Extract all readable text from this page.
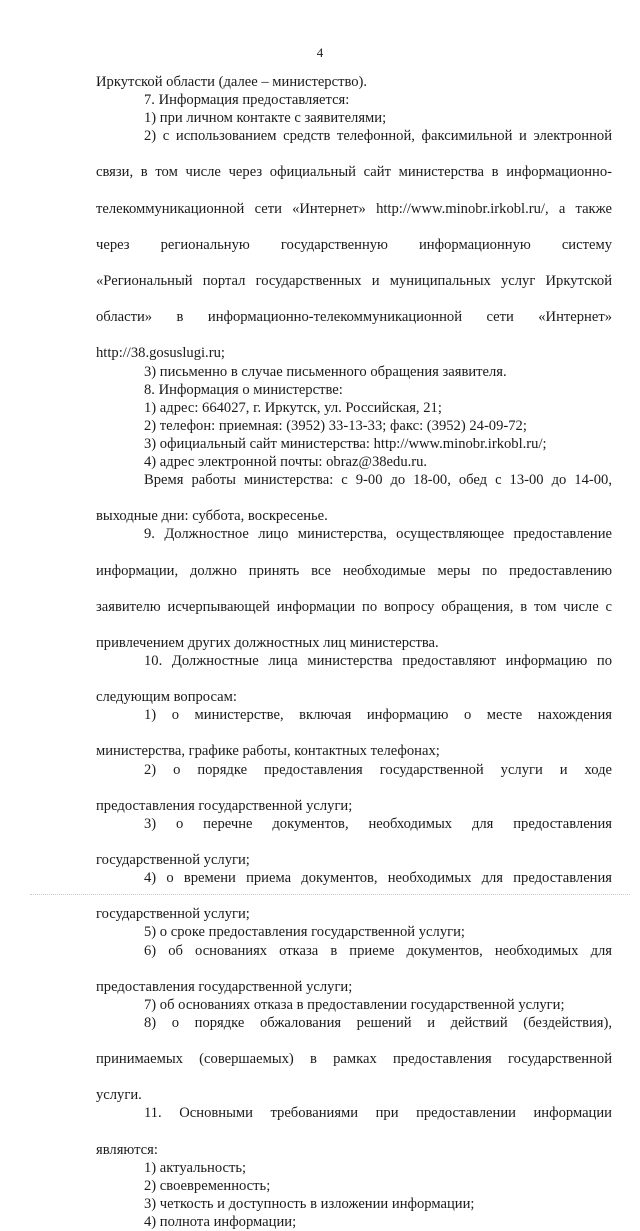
4

Иркутской области (далее – министерство).

7. Информация предоставляется:

1) при личном контакте с заявителями;

2) с использованием средств телефонной, факсимильной и электронной

связи, в том числе через официальный сайт министерства в информационно-

телекоммуникационной сети «Интернет» http://www.minobr.irkobl.ru/, а также

через региональную государственную информационную систему

«Региональный портал государственных и муниципальных услуг Иркутской

области» в информационно-телекоммуникационной сети «Интернет»

http://38.gosuslugi.ru;

3) письменно в случае письменного обращения заявителя.

8. Информация о министерстве:

1) адрес: 664027, г. Иркутск, ул. Российская, 21;

2) телефон: приемная: (3952) 33-13-33; факс: (3952) 24-09-72;

3) официальный сайт министерства: http://www.minobr.irkobl.ru/;

4) адрес электронной почты: obraz@38edu.ru.

Время работы министерства: с 9-00 до 18-00, обед с 13-00 до 14-00,

выходные дни: суббота, воскресенье.

9. Должностное лицо министерства, осуществляющее предоставление

информации, должно принять все необходимые меры по предоставлению

заявителю исчерпывающей информации по вопросу обращения, в том числе с

привлечением других должностных лиц министерства.

10. Должностные лица министерства предоставляют информацию по

следующим вопросам:

1) о министерстве, включая информацию о месте нахождения

министерства, графике работы, контактных телефонах;

2) о порядке предоставления государственной услуги и ходе

предоставления государственной услуги;

3) о перечне документов, необходимых для предоставления

государственной услуги;

4) о времени приема документов, необходимых для предоставления

государственной услуги;

5) о сроке предоставления государственной услуги;

6) об основаниях отказа в приеме документов, необходимых для

предоставления государственной услуги;

7) об основаниях отказа в предоставлении государственной услуги;

8) о порядке обжалования решений и действий (бездействия),

принимаемых (совершаемых) в рамках предоставления государственной

услуги.

11. Основными требованиями при предоставлении информации

являются:

1) актуальность;

2) своевременность;

3) четкость и доступность в изложении информации;

4) полнота информации;
